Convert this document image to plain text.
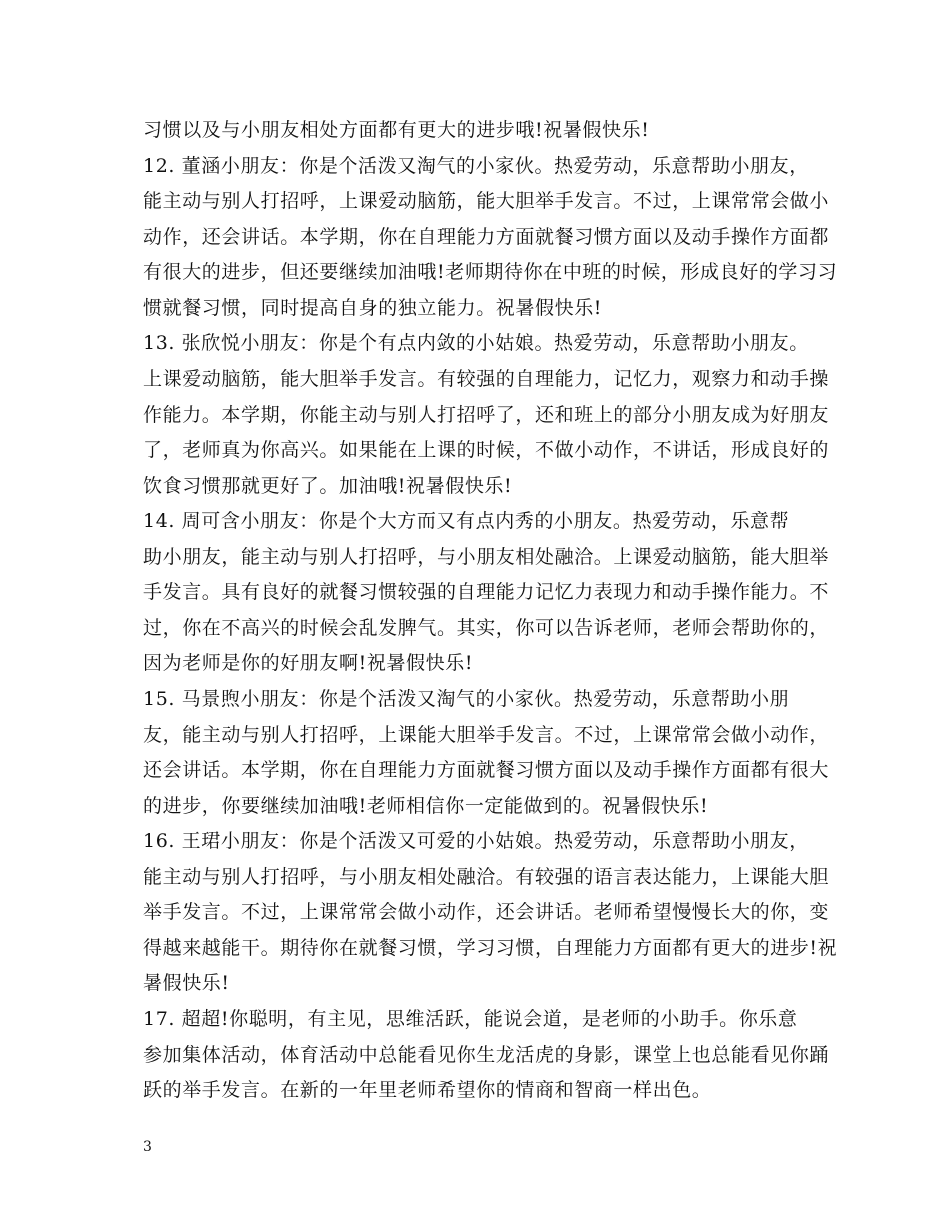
习惯以及与小朋友相处方面都有更大的进步哦!祝暑假快乐!
12. 董涵小朋友：你是个活泼又淘气的小家伙。热爱劳动，乐意帮助小朋友，
能主动与别人打招呼，上课爱动脑筋，能大胆举手发言。不过，上课常常会做小
动作，还会讲话。本学期，你在自理能力方面就餐习惯方面以及动手操作方面都
有很大的进步，但还要继续加油哦!老师期待你在中班的时候，形成良好的学习习
惯就餐习惯，同时提高自身的独立能力。祝暑假快乐!
13. 张欣悦小朋友：你是个有点内敛的小姑娘。热爱劳动，乐意帮助小朋友。
上课爱动脑筋，能大胆举手发言。有较强的自理能力，记忆力，观察力和动手操
作能力。本学期，你能主动与别人打招呼了，还和班上的部分小朋友成为好朋友
了，老师真为你高兴。如果能在上课的时候，不做小动作，不讲话，形成良好的
饮食习惯那就更好了。加油哦!祝暑假快乐!
14. 周可含小朋友：你是个大方而又有点内秀的小朋友。热爱劳动，乐意帮
助小朋友，能主动与别人打招呼，与小朋友相处融洽。上课爱动脑筋，能大胆举
手发言。具有良好的就餐习惯较强的自理能力记忆力表现力和动手操作能力。不
过，你在不高兴的时候会乱发脾气。其实，你可以告诉老师，老师会帮助你的，
因为老师是你的好朋友啊!祝暑假快乐!
15. 马景煦小朋友：你是个活泼又淘气的小家伙。热爱劳动，乐意帮助小朋
友，能主动与别人打招呼，上课能大胆举手发言。不过，上课常常会做小动作，
还会讲话。本学期，你在自理能力方面就餐习惯方面以及动手操作方面都有很大
的进步，你要继续加油哦!老师相信你一定能做到的。祝暑假快乐!
16. 王珺小朋友：你是个活泼又可爱的小姑娘。热爱劳动，乐意帮助小朋友，
能主动与别人打招呼，与小朋友相处融洽。有较强的语言表达能力，上课能大胆
举手发言。不过，上课常常会做小动作，还会讲话。老师希望慢慢长大的你，变
得越来越能干。期待你在就餐习惯，学习习惯，自理能力方面都有更大的进步!祝
暑假快乐!
17. 超超!你聪明，有主见，思维活跃，能说会道，是老师的小助手。你乐意
参加集体活动，体育活动中总能看见你生龙活虎的身影，课堂上也总能看见你踊
跃的举手发言。在新的一年里老师希望你的情商和智商一样出色。
3
